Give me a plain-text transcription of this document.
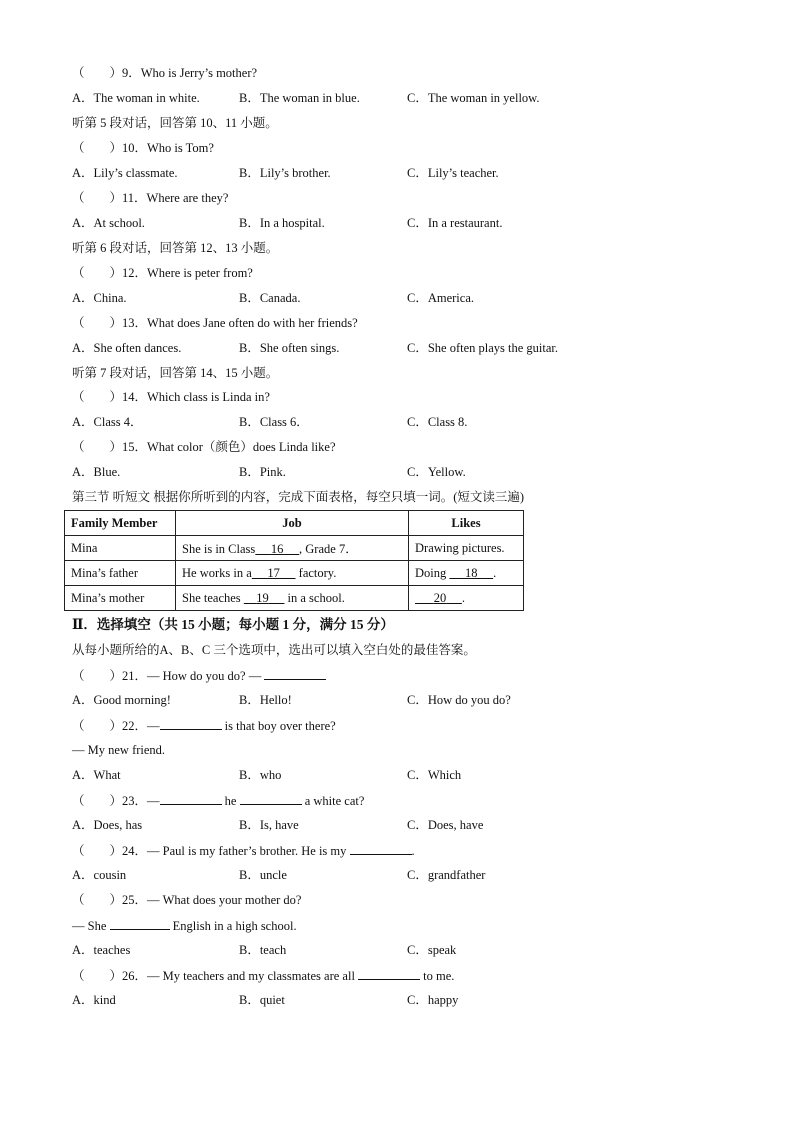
（　　）9．Who is Jerry’s mother?
A．The woman in white.	B．The woman in blue.	C．The woman in yellow.
听第 5 段对话，回答第 10、11 小题。
（　　）10．Who is Tom?
A．Lily’s classmate.	B．Lily’s brother.	C．Lily’s teacher.
（　　）11．Where are they?
A．At school.	B．In a hospital.	C．In a restaurant.
听第 6 段对话，回答第 12、13 小题。
（　　）12．Where is peter from?
A．China.	B．Canada.	C．America.
（　　）13．What does Jane often do with her friends?
A．She often dances.	B．She often sings.	C．She often plays the guitar.
听第 7 段对话，回答第 14、15 小题。
（　　）14．Which class is Linda in?
A．Class 4．	B．Class 6．	C．Class 8.
（　　）15．What color（颜色）does Linda like?
A．Blue.	B．Pink.	C．Yellow.
第三节 听短文 根据你所听到的内容，完成下面表格，每空只填一词。(短文读三遍)
Family Member	Job	Likes
Mina	She is in Class 16 , Grade 7．	Drawing pictures.
Mina’s father	He works in a 17      factory.	Doing      18 .
Mina’s mother	She teaches     19      in a school.	20 .
Ⅱ．选择填空（共 15 小题；每小题 1 分，满分 15 分）
从每小题所给的A、B、C 三个选项中，选出可以填入空白处的最佳答案。
（　　）21．— How do you do? —
A．Good morning!	B．Hello!	C．How do you do?
（　　）22．—	is that boy over there?
— My new friend.
A．What	B．who	C．Which
（　　）23．—	he	a white cat?
A．Does, has	B．Is, have	C．Does, have
（　　）24．— Paul is my father’s brother. He is my	.
A．cousin	B．uncle	C．grandfather
（　　）25．— What does your mother do?
— She	English in a high school.
A．teaches	B．teach	C．speak
（　　）26．— My teachers and my classmates are all	to me.
A．kind	B．quiet	C．happy
